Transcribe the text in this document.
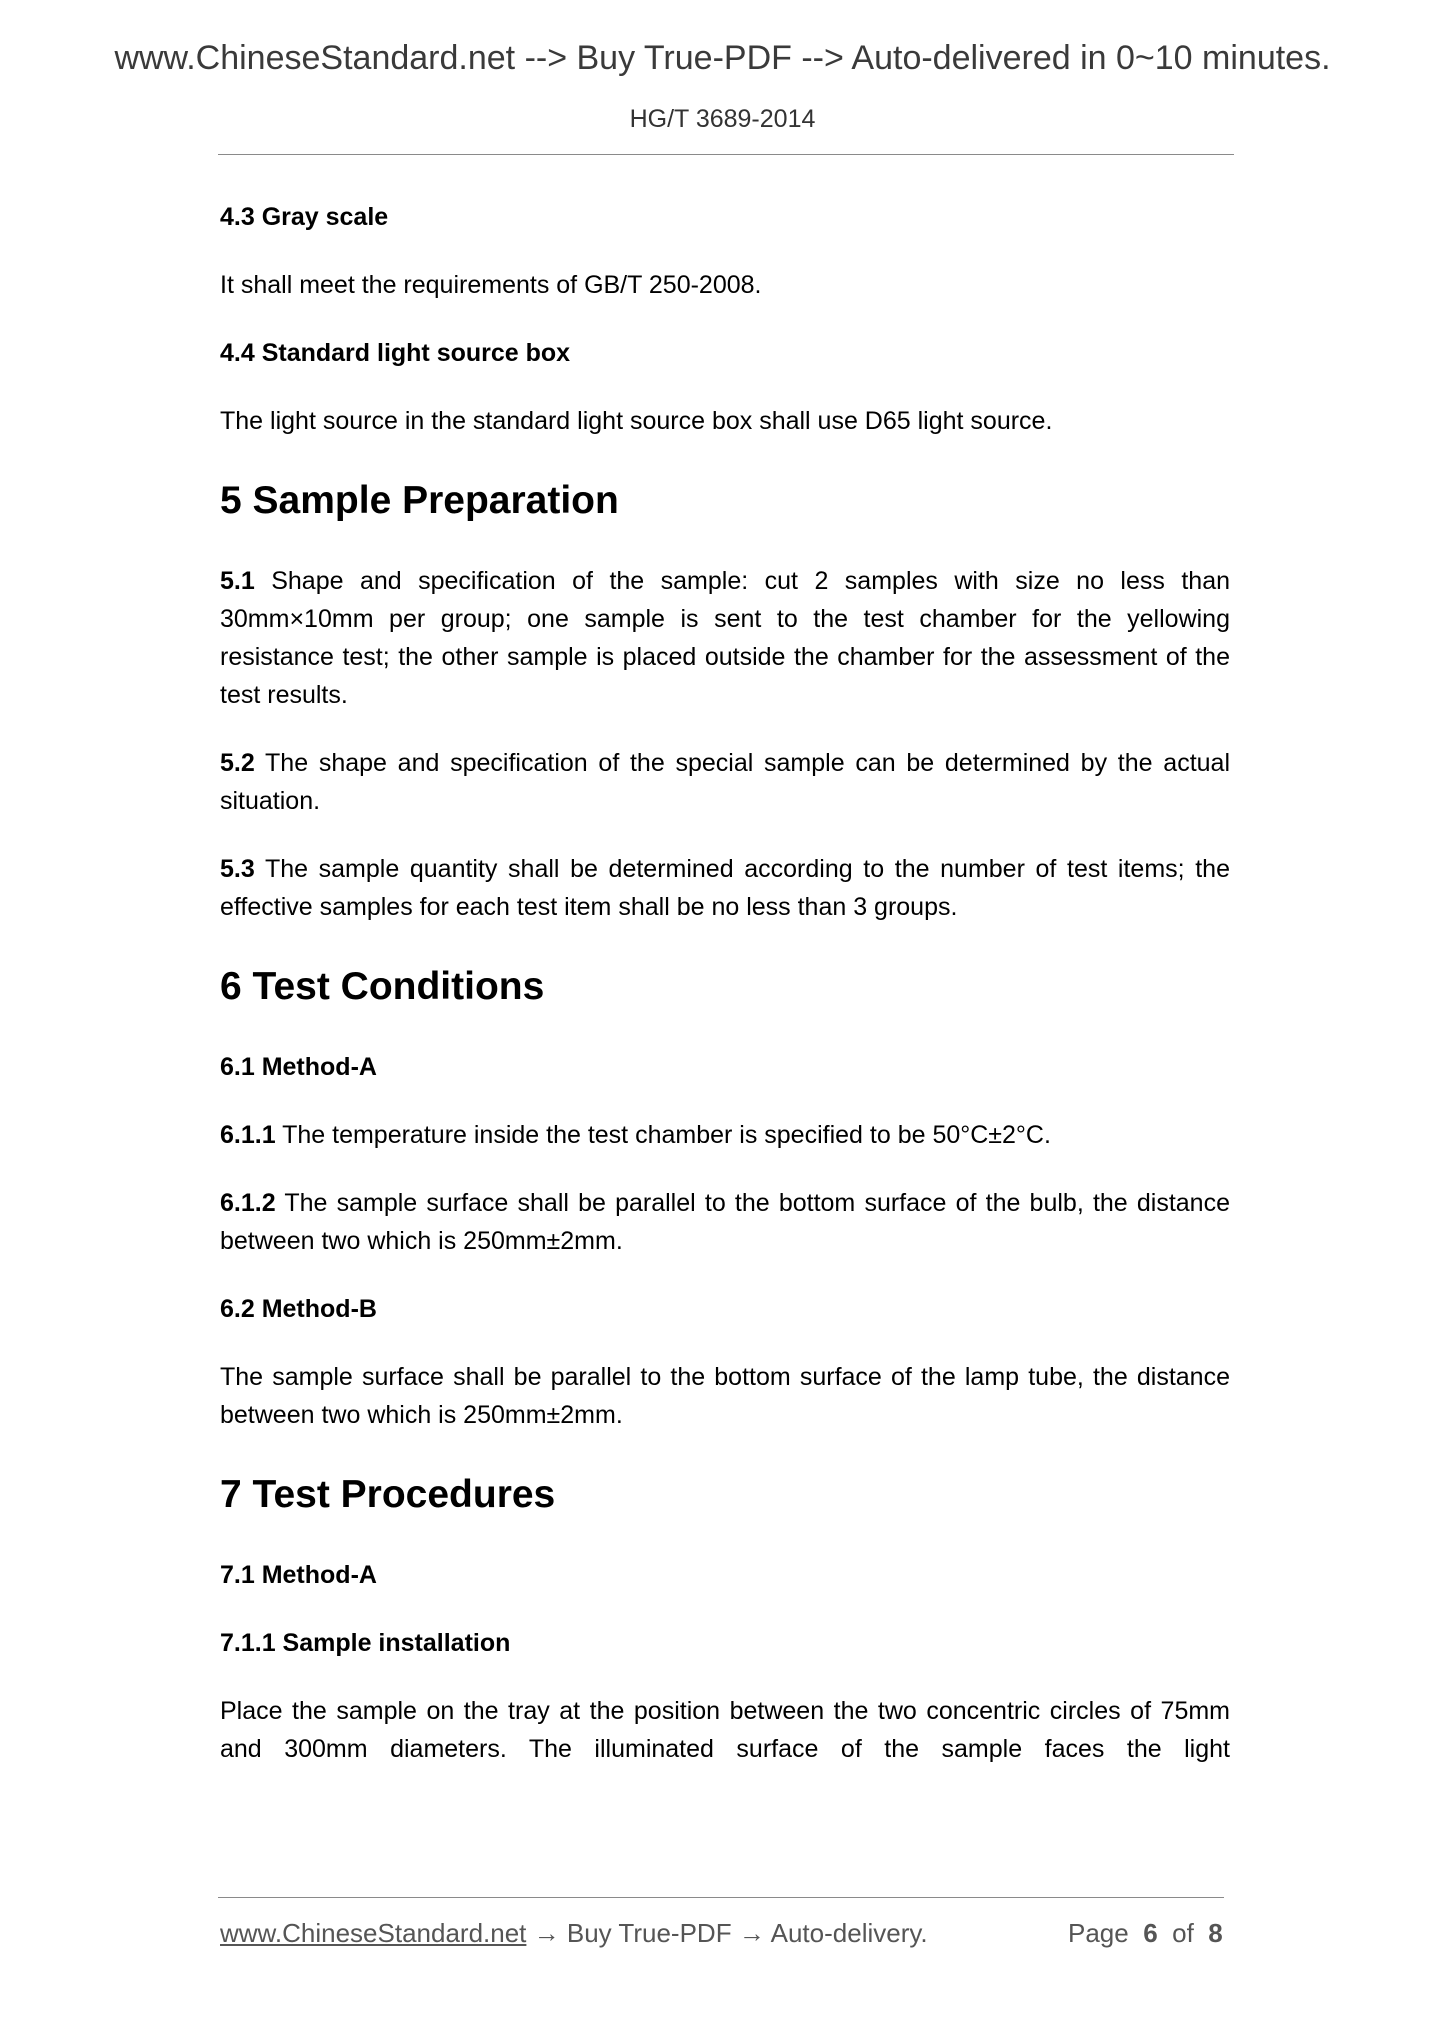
www.ChineseStandard.net --> Buy True-PDF --> Auto-delivered in 0~10 minutes.
HG/T 3689-2014
4.3 Gray scale
It shall meet the requirements of GB/T 250-2008.
4.4 Standard light source box
The light source in the standard light source box shall use D65 light source.
5 Sample Preparation
5.1 Shape and specification of the sample: cut 2 samples with size no less than 30mm×10mm per group; one sample is sent to the test chamber for the yellowing resistance test; the other sample is placed outside the chamber for the assessment of the test results.
5.2 The shape and specification of the special sample can be determined by the actual situation.
5.3 The sample quantity shall be determined according to the number of test items; the effective samples for each test item shall be no less than 3 groups.
6 Test Conditions
6.1 Method-A
6.1.1 The temperature inside the test chamber is specified to be 50°C±2°C.
6.1.2 The sample surface shall be parallel to the bottom surface of the bulb, the distance between two which is 250mm±2mm.
6.2 Method-B
The sample surface shall be parallel to the bottom surface of the lamp tube, the distance between two which is 250mm±2mm.
7 Test Procedures
7.1 Method-A
7.1.1 Sample installation
Place the sample on the tray at the position between the two concentric circles of 75mm and 300mm diameters. The illuminated surface of the sample faces the light
www.ChineseStandard.net → Buy True-PDF → Auto-delivery.	Page 6 of 8
